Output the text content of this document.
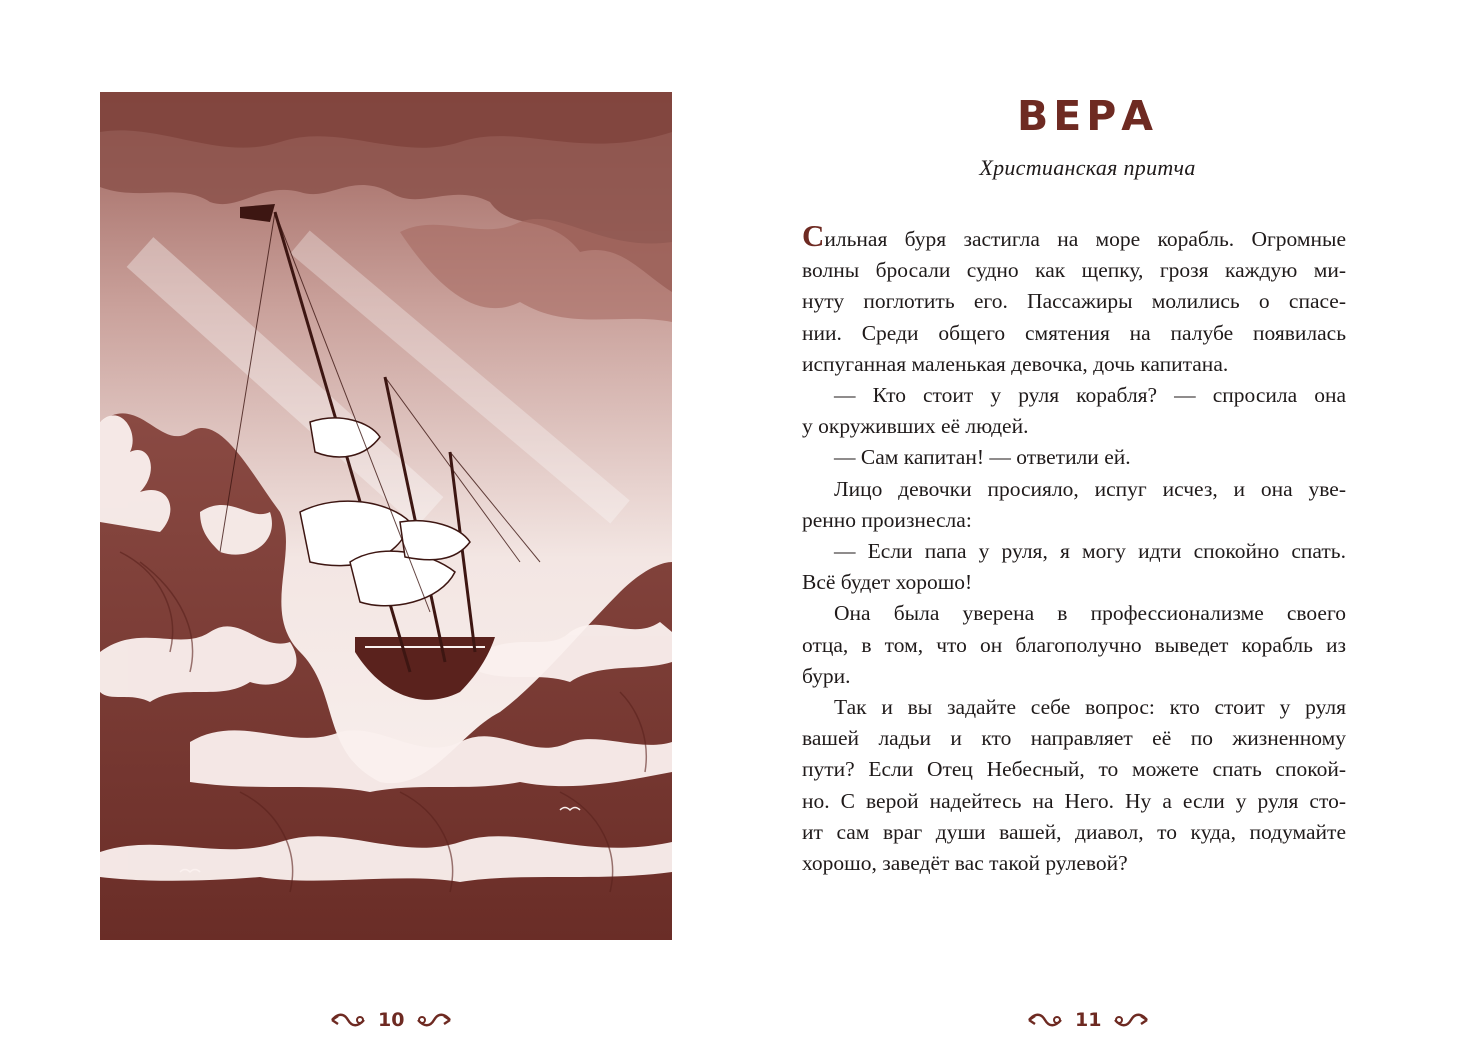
10
ВЕРА
Христианская притча
Сильная буря застигла на море корабль. Огромные
волны бросали судно как щепку, грозя каждую ми-
нуту поглотить его. Пассажиры молились о спасе-
нии. Среди общего смятения на палубе появилась
испуганная маленькая девочка, дочь капитана.
— Кто стоит у руля корабля? — спросила она
у окруживших её людей.
— Сам капитан! — ответили ей.
Лицо девочки просияло, испуг исчез, и она уве-
ренно произнесла:
— Если папа у руля, я могу идти спокойно спать.
Всё будет хорошо!
Она была уверена в профессионализме своего
отца, в том, что он благополучно выведет корабль из
бури.
Так и вы задайте себе вопрос: кто стоит у руля
вашей ладьи и кто направляет её по жизненному
пути? Если Отец Небесный, то можете спать спокой-
но. С верой надейтесь на Него. Ну а если у руля сто-
ит сам враг души вашей, диавол, то куда, подумайте
хорошо, заведёт вас такой рулевой?
11
